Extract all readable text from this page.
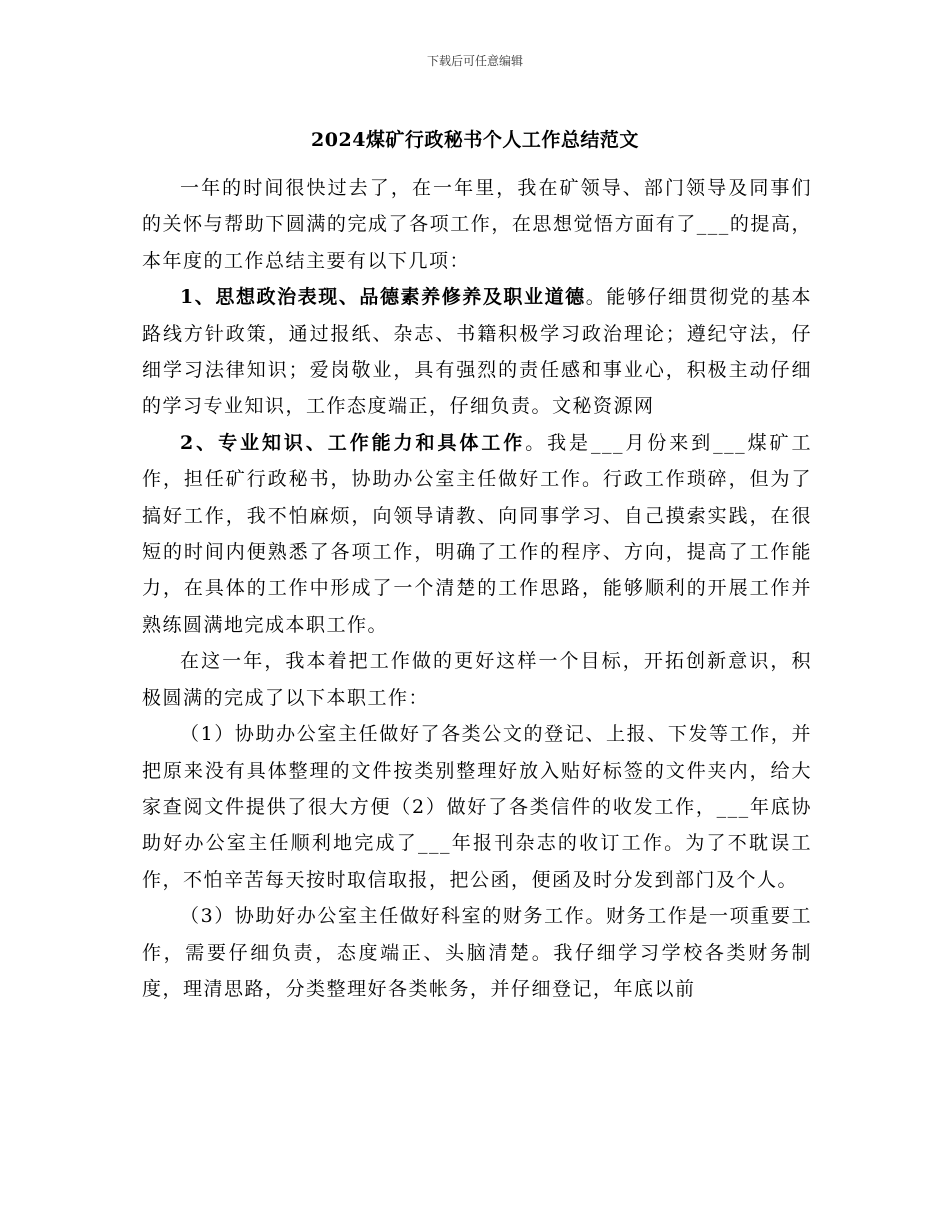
下载后可任意编辑
2024煤矿行政秘书个人工作总结范文

一年的时间很快过去了，在一年里，我在矿领导、部门领导及同事们的关怀与帮助下圆满的完成了各项工作，在思想觉悟方面有了___的提高，本年度的工作总结主要有以下几项：

1、思想政治表现、品德素养修养及职业道德。能够仔细贯彻党的基本路线方针政策，通过报纸、杂志、书籍积极学习政治理论；遵纪守法，仔细学习法律知识；爱岗敬业，具有强烈的责任感和事业心，积极主动仔细的学习专业知识，工作态度端正，仔细负责。文秘资源网

2、专业知识、工作能力和具体工作。我是___月份来到___煤矿工作，担任矿行政秘书，协助办公室主任做好工作。行政工作琐碎，但为了搞好工作，我不怕麻烦，向领导请教、向同事学习、自己摸索实践，在很短的时间内便熟悉了各项工作，明确了工作的程序、方向，提高了工作能力，在具体的工作中形成了一个清楚的工作思路，能够顺利的开展工作并熟练圆满地完成本职工作。

在这一年，我本着把工作做的更好这样一个目标，开拓创新意识，积极圆满的完成了以下本职工作：

（1）协助办公室主任做好了各类公文的登记、上报、下发等工作，并把原来没有具体整理的文件按类别整理好放入贴好标签的文件夹内，给大家查阅文件提供了很大方便（2）做好了各类信件的收发工作，___年底协助好办公室主任顺利地完成了___年报刊杂志的收订工作。为了不耽误工作，不怕辛苦每天按时取信取报，把公函，便函及时分发到部门及个人。

（3）协助好办公室主任做好科室的财务工作。财务工作是一项重要工作，需要仔细负责，态度端正、头脑清楚。我仔细学习学校各类财务制度，理清思路，分类整理好各类帐务，并仔细登记，年底以前
